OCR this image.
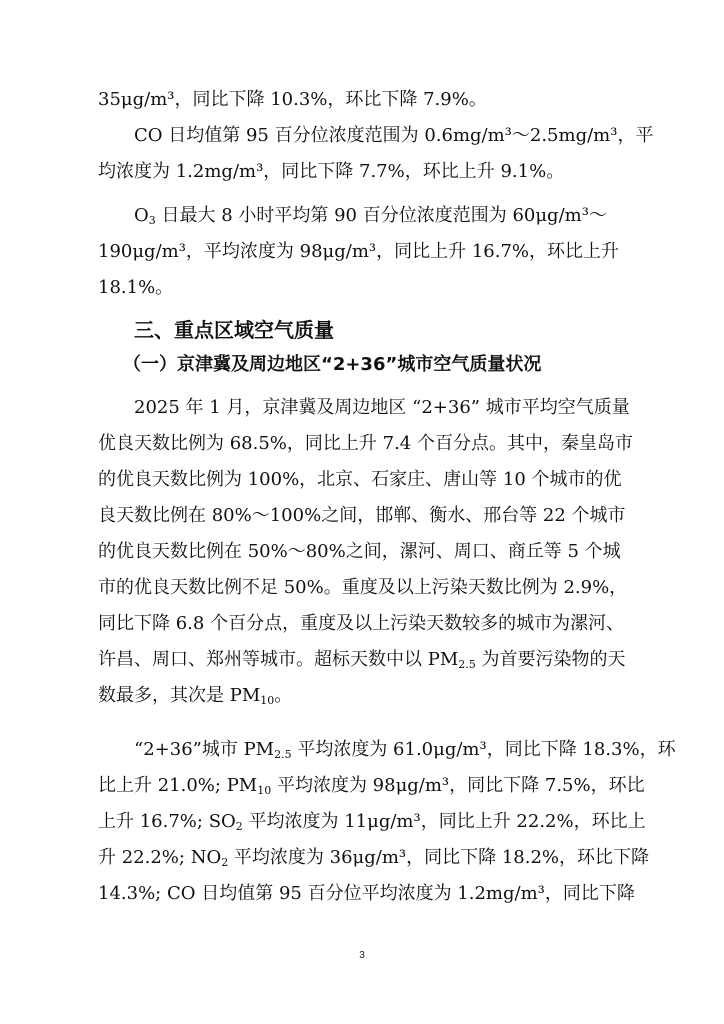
35μg/m³，同比下降 10.3%，环比下降 7.9%。

CO 日均值第 95 百分位浓度范围为 0.6mg/m³～2.5mg/m³，平
均浓度为 1.2mg/m³，同比下降 7.7%，环比上升 9.1%。

$O_3$ 日最大 8 小时平均第 90 百分位浓度范围为 60μg/m³～
190μg/m³，平均浓度为 98μg/m³，同比上升 16.7%，环比上升
18.1%。

三、重点区域空气质量
（一）京津冀及周边地区“2+36”城市空气质量状况

2025 年 1 月，京津冀及周边地区 “2+36” 城市平均空气质量
优良天数比例为 68.5%，同比上升 7.4 个百分点。其中，秦皇岛市
的优良天数比例为 100%，北京、石家庄、唐山等 10 个城市的优
良天数比例在 80%～100%之间，邯郸、衡水、邢台等 22 个城市
的优良天数比例在 50%～80%之间，漯河、周口、商丘等 5 个城
市的优良天数比例不足 50%。重度及以上污染天数比例为 2.9%，
同比下降 6.8 个百分点，重度及以上污染天数较多的城市为漯河、
许昌、周口、郑州等城市。超标天数中以 $PM_{2.5}$ 为首要污染物的天
数最多，其次是 $PM_{10}$。

“2+36”城市 $PM_{2.5}$ 平均浓度为 61.0μg/m³，同比下降 18.3%，环
比上升 21.0%; $PM_{10}$ 平均浓度为 98μg/m³，同比下降 7.5%，环比
上升 16.7%; $SO_2$ 平均浓度为 11μg/m³，同比上升 22.2%，环比上
升 22.2%; $NO_2$ 平均浓度为 36μg/m³，同比下降 18.2%，环比下降
14.3%; CO 日均值第 95 百分位平均浓度为 1.2mg/m³，同比下降

3
